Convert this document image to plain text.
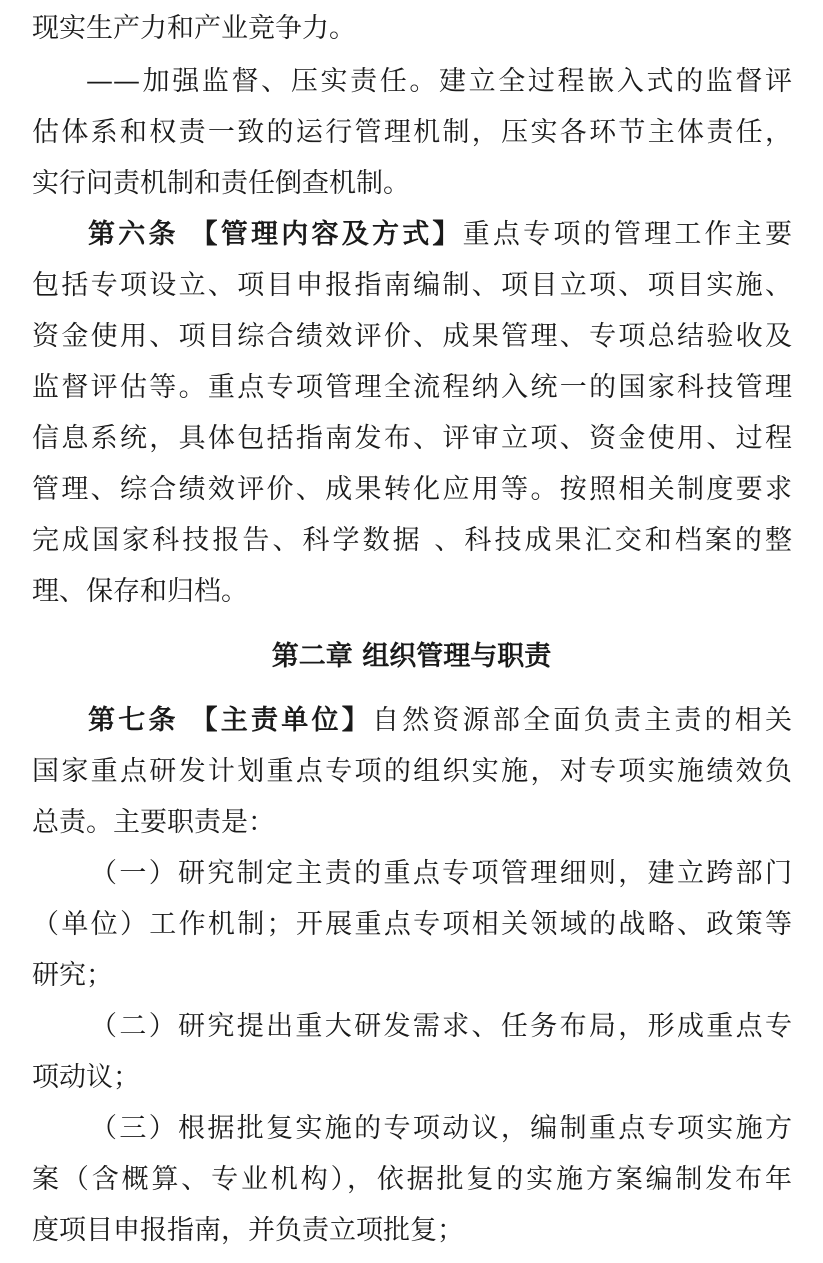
现实生产力和产业竞争力。
——加强监督、压实责任。建立全过程嵌入式的监督评
估体系和权责一致的运行管理机制，压实各环节主体责任，
实行问责机制和责任倒查机制。
第六条 【管理内容及方式】重点专项的管理工作主要
包括专项设立、项目申报指南编制、项目立项、项目实施、
资金使用、项目综合绩效评价、成果管理、专项总结验收及
监督评估等。重点专项管理全流程纳入统一的国家科技管理
信息系统，具体包括指南发布、评审立项、资金使用、过程
管理、综合绩效评价、成果转化应用等。按照相关制度要求
完成国家科技报告、科学数据 、科技成果汇交和档案的整
理、保存和归档。
第二章 组织管理与职责
第七条 【主责单位】自然资源部全面负责主责的相关
国家重点研发计划重点专项的组织实施，对专项实施绩效负
总责。主要职责是：
（一）研究制定主责的重点专项管理细则，建立跨部门
（单位）工作机制；开展重点专项相关领域的战略、政策等
研究；
（二）研究提出重大研发需求、任务布局，形成重点专
项动议；
（三）根据批复实施的专项动议，编制重点专项实施方
案（含概算、专业机构），依据批复的实施方案编制发布年
度项目申报指南，并负责立项批复；
